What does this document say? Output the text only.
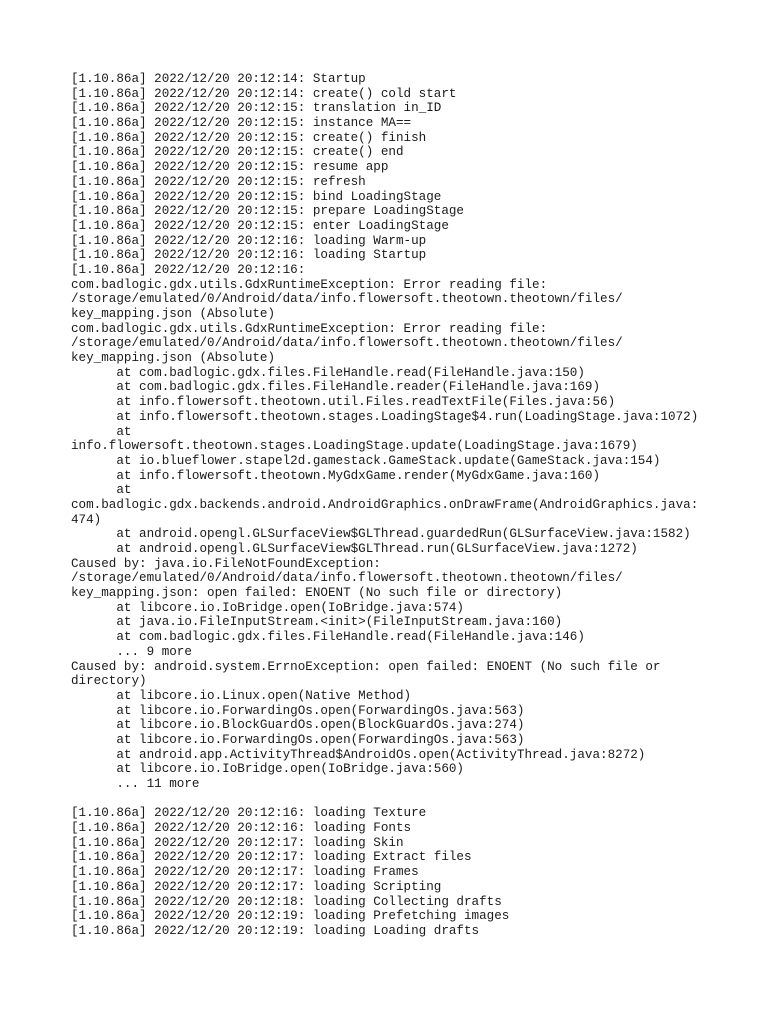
[1.10.86a] 2022/12/20 20:12:14: Startup
[1.10.86a] 2022/12/20 20:12:14: create() cold start
[1.10.86a] 2022/12/20 20:12:15: translation in_ID
[1.10.86a] 2022/12/20 20:12:15: instance MA==
[1.10.86a] 2022/12/20 20:12:15: create() finish
[1.10.86a] 2022/12/20 20:12:15: create() end
[1.10.86a] 2022/12/20 20:12:15: resume app
[1.10.86a] 2022/12/20 20:12:15: refresh
[1.10.86a] 2022/12/20 20:12:15: bind LoadingStage
[1.10.86a] 2022/12/20 20:12:15: prepare LoadingStage
[1.10.86a] 2022/12/20 20:12:15: enter LoadingStage
[1.10.86a] 2022/12/20 20:12:16: loading Warm-up
[1.10.86a] 2022/12/20 20:12:16: loading Startup
[1.10.86a] 2022/12/20 20:12:16:
com.badlogic.gdx.utils.GdxRuntimeException: Error reading file:
/storage/emulated/0/Android/data/info.flowersoft.theotown.theotown/files/
key_mapping.json (Absolute)
com.badlogic.gdx.utils.GdxRuntimeException: Error reading file:
/storage/emulated/0/Android/data/info.flowersoft.theotown.theotown/files/
key_mapping.json (Absolute)
at com.badlogic.gdx.files.FileHandle.read(FileHandle.java:150)
at com.badlogic.gdx.files.FileHandle.reader(FileHandle.java:169)
at info.flowersoft.theotown.util.Files.readTextFile(Files.java:56)
at info.flowersoft.theotown.stages.LoadingStage$4.run(LoadingStage.java:1072)
at
info.flowersoft.theotown.stages.LoadingStage.update(LoadingStage.java:1679)
at io.blueflower.stapel2d.gamestack.GameStack.update(GameStack.java:154)
at info.flowersoft.theotown.MyGdxGame.render(MyGdxGame.java:160)
at
com.badlogic.gdx.backends.android.AndroidGraphics.onDrawFrame(AndroidGraphics.java:
474)
at android.opengl.GLSurfaceView$GLThread.guardedRun(GLSurfaceView.java:1582)
at android.opengl.GLSurfaceView$GLThread.run(GLSurfaceView.java:1272)
Caused by: java.io.FileNotFoundException:
/storage/emulated/0/Android/data/info.flowersoft.theotown.theotown/files/
key_mapping.json: open failed: ENOENT (No such file or directory)
at libcore.io.IoBridge.open(IoBridge.java:574)
at java.io.FileInputStream.<init>(FileInputStream.java:160)
at com.badlogic.gdx.files.FileHandle.read(FileHandle.java:146)
... 9 more
Caused by: android.system.ErrnoException: open failed: ENOENT (No such file or
directory)
at libcore.io.Linux.open(Native Method)
at libcore.io.ForwardingOs.open(ForwardingOs.java:563)
at libcore.io.BlockGuardOs.open(BlockGuardOs.java:274)
at libcore.io.ForwardingOs.open(ForwardingOs.java:563)
at android.app.ActivityThread$AndroidOs.open(ActivityThread.java:8272)
at libcore.io.IoBridge.open(IoBridge.java:560)
... 11 more
[1.10.86a] 2022/12/20 20:12:16: loading Texture
[1.10.86a] 2022/12/20 20:12:16: loading Fonts
[1.10.86a] 2022/12/20 20:12:17: loading Skin
[1.10.86a] 2022/12/20 20:12:17: loading Extract files
[1.10.86a] 2022/12/20 20:12:17: loading Frames
[1.10.86a] 2022/12/20 20:12:17: loading Scripting
[1.10.86a] 2022/12/20 20:12:18: loading Collecting drafts
[1.10.86a] 2022/12/20 20:12:19: loading Prefetching images
[1.10.86a] 2022/12/20 20:12:19: loading Loading drafts
